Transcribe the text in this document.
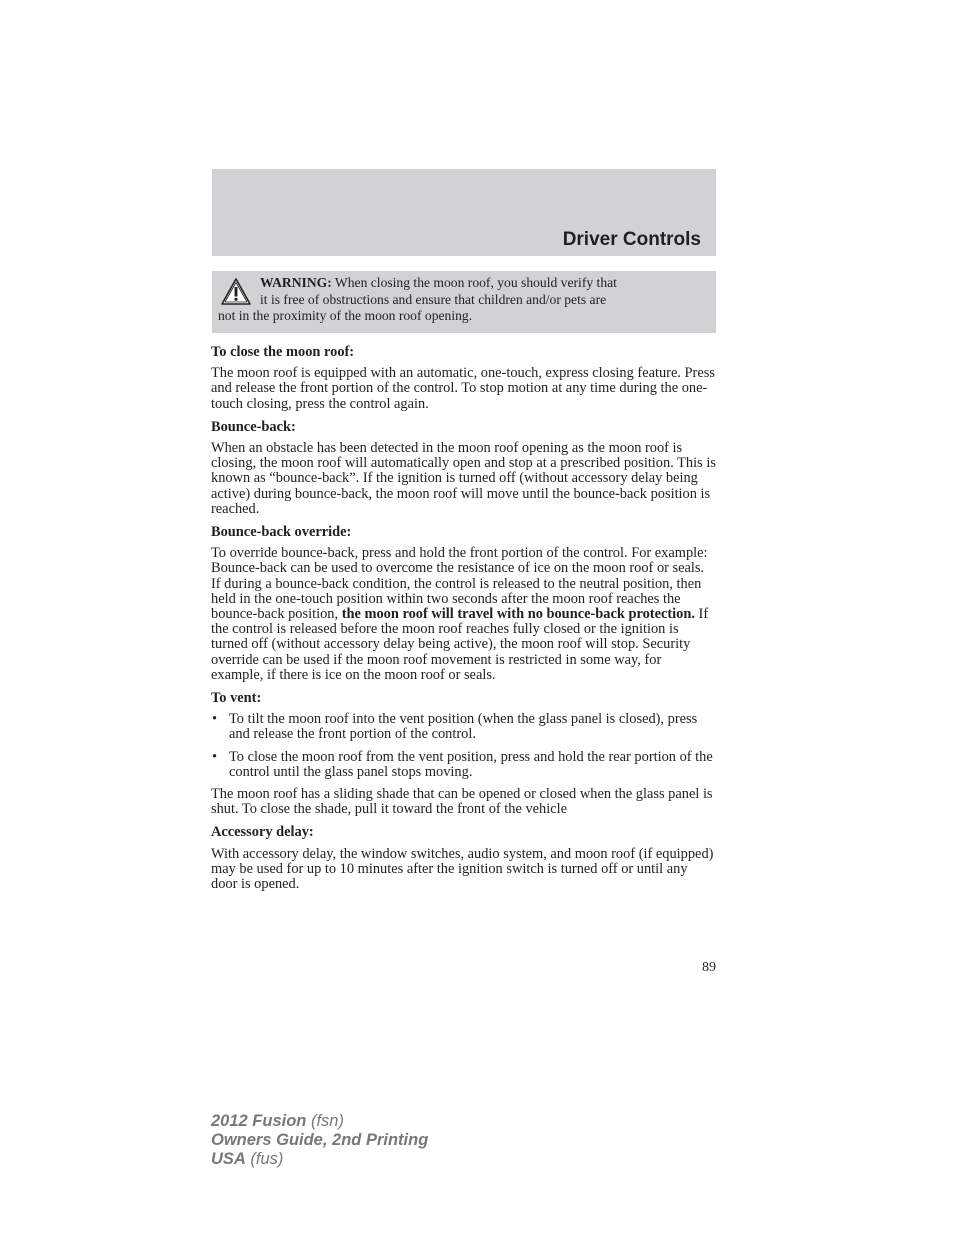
Driver Controls
WARNING: When closing the moon roof, you should verify that
it is free of obstructions and ensure that children and/or pets are
not in the proximity of the moon roof opening.
To close the moon roof:

The moon roof is equipped with an automatic, one-touch, express closing feature. Press and release the front portion of the control. To stop motion at any time during the one-touch closing, press the control again.

Bounce-back:

When an obstacle has been detected in the moon roof opening as the moon roof is closing, the moon roof will automatically open and stop at a prescribed position. This is known as “bounce-back”. If the ignition is turned off (without accessory delay being active) during bounce-back, the moon roof will move until the bounce-back position is reached.

Bounce-back override:

To override bounce-back, press and hold the front portion of the control. For example: Bounce-back can be used to overcome the resistance of ice on the moon roof or seals. If during a bounce-back condition, the control is released to the neutral position, then held in the one-touch position within two seconds after the moon roof reaches the bounce-back position, the moon roof will travel with no bounce-back protection. If the control is released before the moon roof reaches fully closed or the ignition is turned off (without accessory delay being active), the moon roof will stop. Security override can be used if the moon roof movement is restricted in some way, for example, if there is ice on the moon roof or seals.

To vent:
• To tilt the moon roof into the vent position (when the glass panel is closed), press and release the front portion of the control.
• To close the moon roof from the vent position, press and hold the rear portion of the control until the glass panel stops moving.

The moon roof has a sliding shade that can be opened or closed when the glass panel is shut. To close the shade, pull it toward the front of the vehicle

Accessory delay:

With accessory delay, the window switches, audio system, and moon roof (if equipped) may be used for up to 10 minutes after the ignition switch is turned off or until any door is opened.

89
2012 Fusion (fsn)
Owners Guide, 2nd Printing
USA (fus)
